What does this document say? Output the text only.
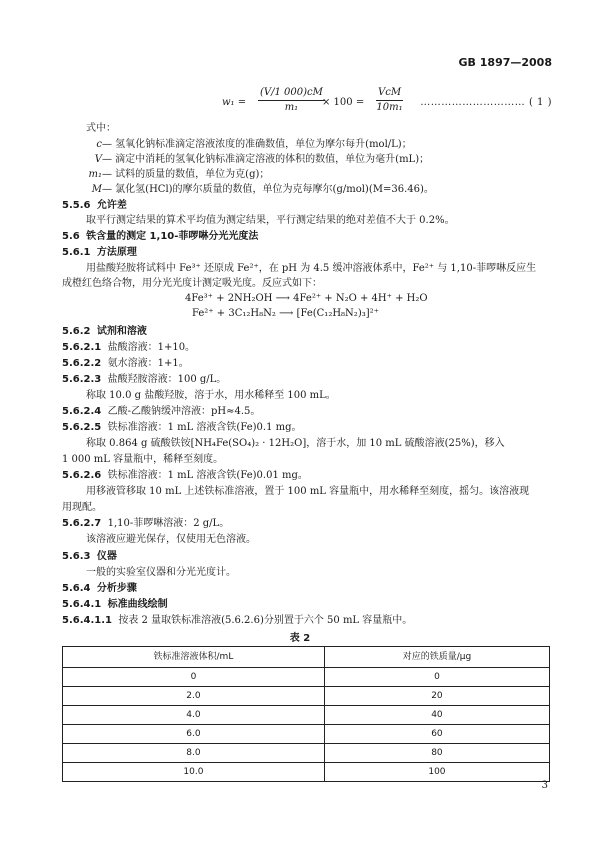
GB 1897—2008
$w_1 = \frac{(V/1 000)cM}{\text{m₁}}$
× 100 =
VcM
10m₁ ………………………… ( 1 )
式中：
c— 氢氧化钠标准滴定溶液浓度的准确数值，单位为摩尔每升(mol/L)；
V— 滴定中消耗的氢氧化钠标准滴定溶液的体积的数值，单位为毫升(mL)；
m₁— 试料的质量的数值，单位为克(g)；
M— 氯化氢(HCl)的摩尔质量的数值，单位为克每摩尔(g/mol)(M=36.46)。
5.5.6 允许差
取平行测定结果的算术平均值为测定结果，平行测定结果的绝对差值不大于 0.2%。
5.6 铁含量的测定 1,10-菲啰啉分光光度法
5.6.1 方法原理
用盐酸羟胺将试料中 Fe³⁺ 还原成 Fe²⁺，在 pH 为 4.5 缓冲溶液体系中，Fe²⁺ 与 1,10-菲啰啉反应生
成橙红色络合物，用分光光度计测定吸光度。反应式如下：
4Fe³⁺ + 2NH₂OH ⟶ 4Fe²⁺ + N₂O + 4H⁺ + H₂O
Fe²⁺ + 3C₁₂H₈N₂ ⟶ [Fe(C₁₂H₈N₂)₃]²⁺
5.6.2 试剂和溶液
5.6.2.1 盐酸溶液：1+10。
5.6.2.2 氨水溶液：1+1。
5.6.2.3 盐酸羟胺溶液：100 g/L。
称取 10.0 g 盐酸羟胺，溶于水，用水稀释至 100 mL。
5.6.2.4 乙酸-乙酸钠缓冲溶液：pH≈4.5。
5.6.2.5 铁标准溶液：1 mL 溶液含铁(Fe)0.1 mg。
称取 0.864 g 硫酸铁铵[NH₄Fe(SO₄)₂ · 12H₂O]，溶于水，加 10 mL 硫酸溶液(25%)，移入
1 000 mL 容量瓶中，稀释至刻度。
5.6.2.6 铁标准溶液：1 mL 溶液含铁(Fe)0.01 mg。
用移液管移取 10 mL 上述铁标准溶液，置于 100 mL 容量瓶中，用水稀释至刻度，摇匀。该溶液现
用现配。
5.6.2.7 1,10-菲啰啉溶液：2 g/L。
该溶液应避光保存，仅使用无色溶液。
5.6.3 仪器
一般的实验室仪器和分光光度计。
5.6.4 分析步骤
5.6.4.1 标准曲线绘制
5.6.4.1.1 按表 2 量取铁标准溶液(5.6.2.6)分别置于六个 50 mL 容量瓶中。
表 2
铁标准溶液体积/mL	对应的铁质量/μg
0	0
2.0	20
4.0	40
6.0	60
8.0	80
10.0	100
3
